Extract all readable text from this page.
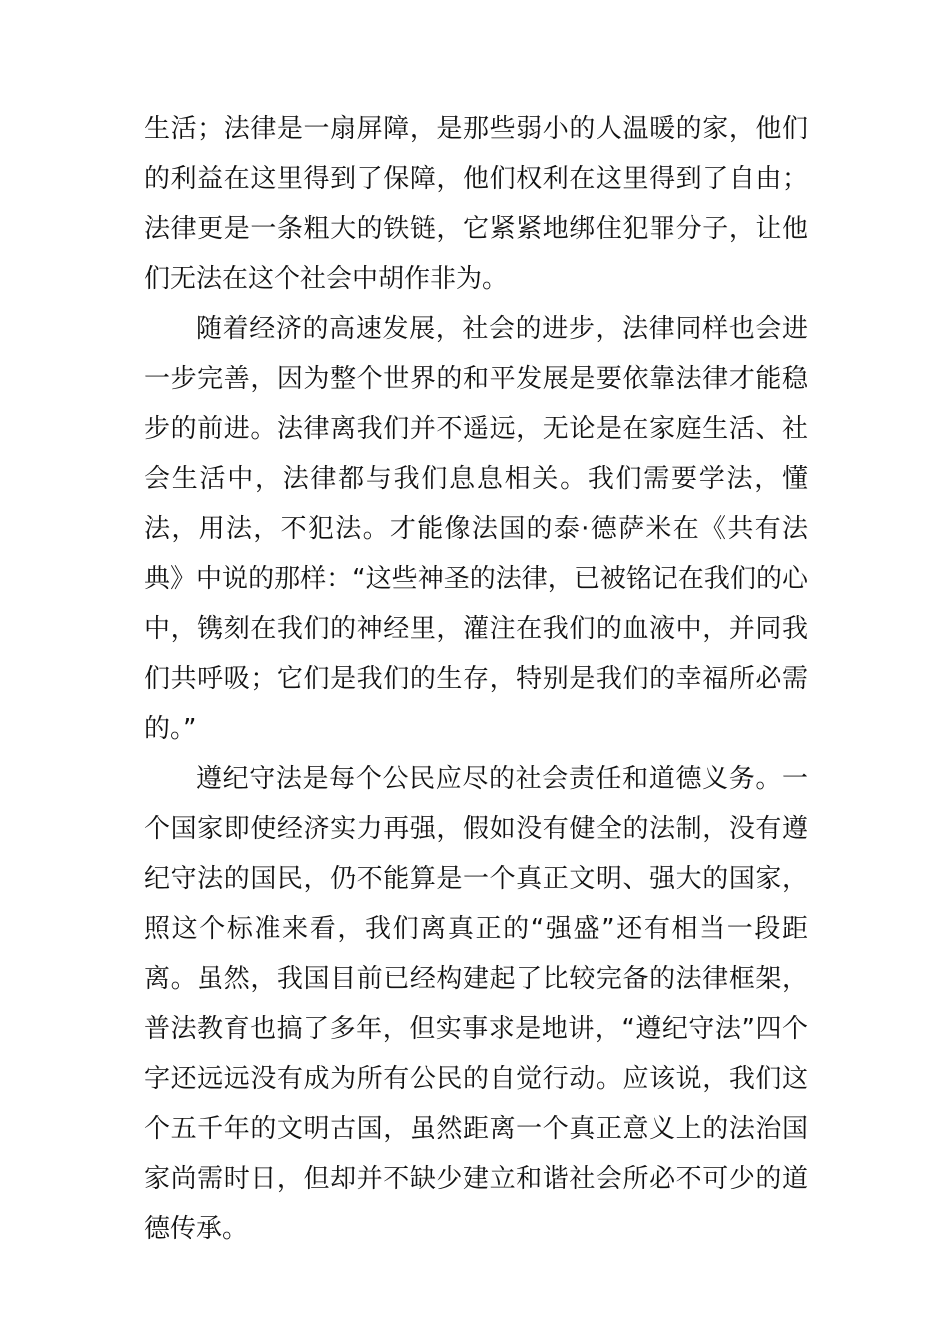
生活；法律是一扇屏障，是那些弱小的人温暖的家，他们的利益在这里得到了保障，他们权利在这里得到了自由；法律更是一条粗大的铁链，它紧紧地绑住犯罪分子，让他们无法在这个社会中胡作非为。

随着经济的高速发展，社会的进步，法律同样也会进一步完善，因为整个世界的和平发展是要依靠法律才能稳步的前进。法律离我们并不遥远，无论是在家庭生活、社会生活中，法律都与我们息息相关。我们需要学法，懂法，用法，不犯法。才能像法国的泰·德萨米在《共有法典》中说的那样：“这些神圣的法律，已被铭记在我们的心中，镌刻在我们的神经里，灌注在我们的血液中，并同我们共呼吸；它们是我们的生存，特别是我们的幸福所必需的。”

遵纪守法是每个公民应尽的社会责任和道德义务。一个国家即使经济实力再强，假如没有健全的法制，没有遵纪守法的国民，仍不能算是一个真正文明、强大的国家，照这个标准来看，我们离真正的“强盛”还有相当一段距离。虽然，我国目前已经构建起了比较完备的法律框架，普法教育也搞了多年，但实事求是地讲，“遵纪守法”四个字还远远没有成为所有公民的自觉行动。应该说，我们这个五千年的文明古国，虽然距离一个真正意义上的法治国家尚需时日，但却并不缺少建立和谐社会所必不可少的道德传承。
